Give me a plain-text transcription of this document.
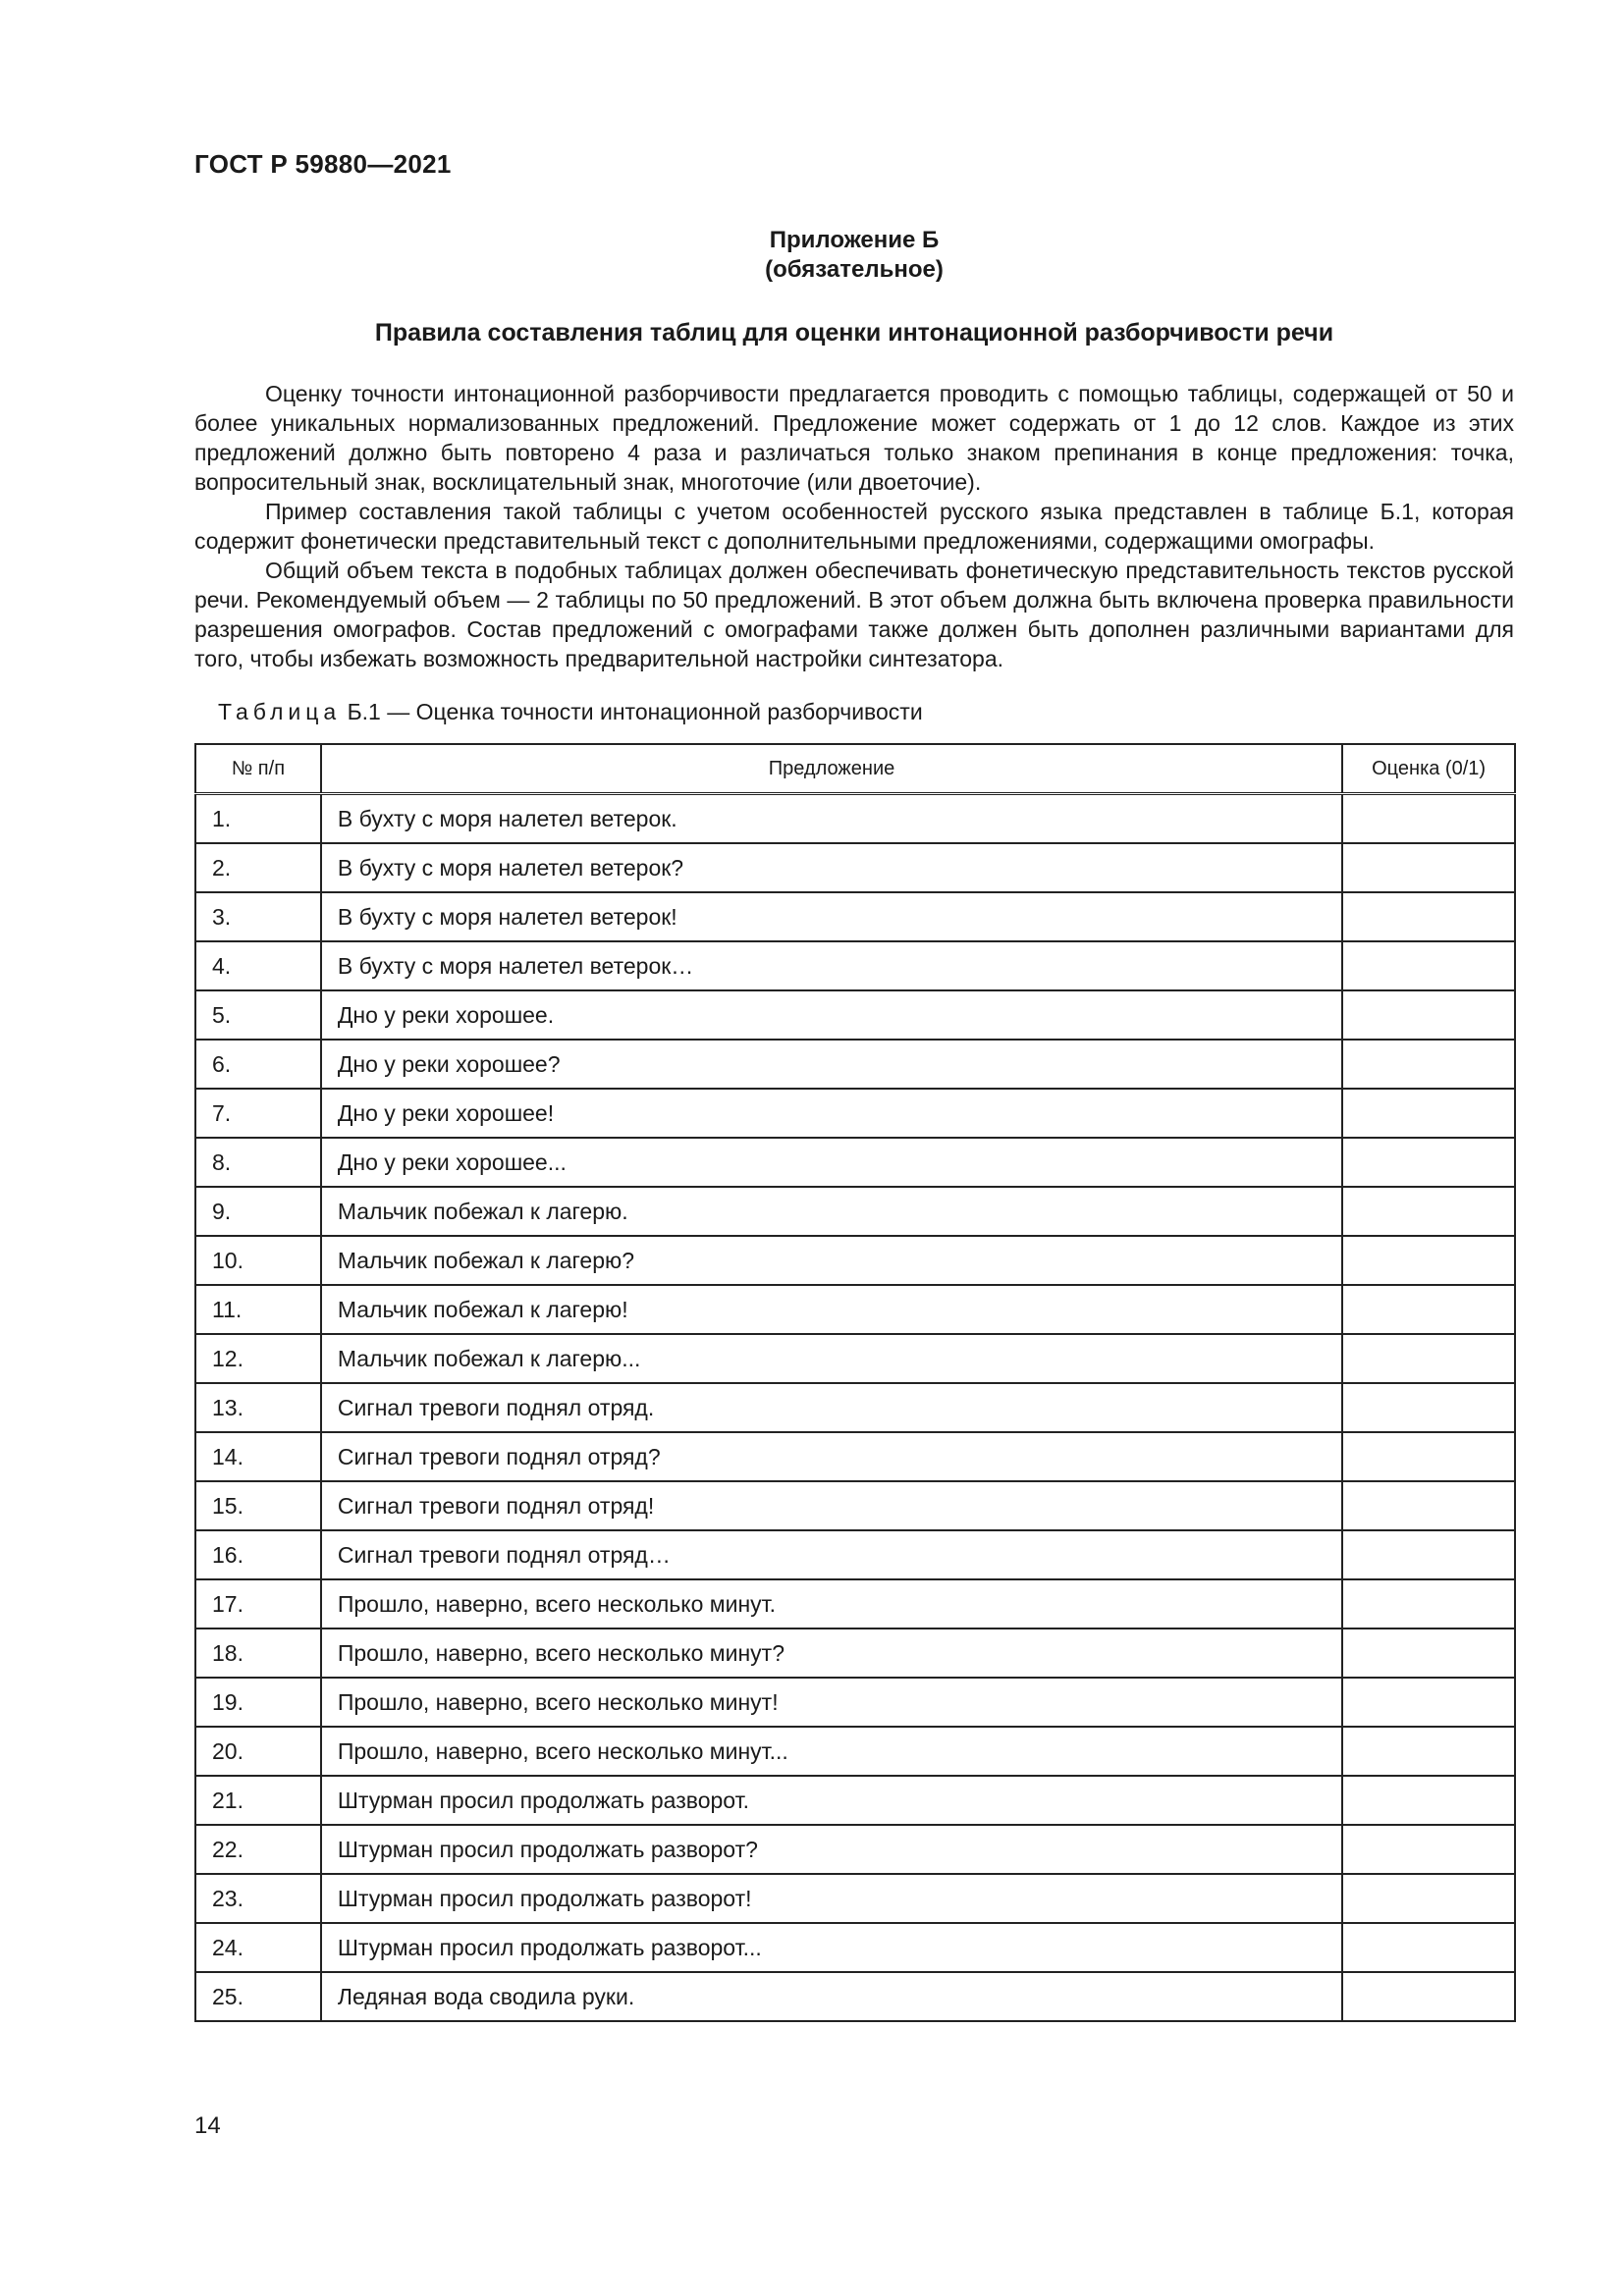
ГОСТ Р 59880—2021
Приложение Б
(обязательное)
Правила составления таблиц для оценки интонационной разборчивости речи

Оценку точности интонационной разборчивости предлагается проводить с помощью таблицы, содержащей от 50 и более уникальных нормализованных предложений. Предложение может содержать от 1 до 12 слов. Каждое из этих предложений должно быть повторено 4 раза и различаться только знаком препинания в конце предложения: точка, вопросительный знак, восклицательный знак, многоточие (или двоеточие).

Пример составления такой таблицы с учетом особенностей русского языка представлен в таблице Б.1, которая содержит фонетически представительный текст с дополнительными предложениями, содержащими омографы.

Общий объем текста в подобных таблицах должен обеспечивать фонетическую представительность текстов русской речи. Рекомендуемый объем — 2 таблицы по 50 предложений. В этот объем должна быть включена проверка правильности разрешения омографов. Состав предложений с омографами также должен быть дополнен различными вариантами для того, чтобы избежать возможность предварительной настройки синтезатора.

Таблица Б.1 — Оценка точности интонационной разборчивости
№ п/п	Предложение	Оценка (0/1)
1.	В бухту с моря налетел ветерок.	
2.	В бухту с моря налетел ветерок?	
3.	В бухту с моря налетел ветерок!	
4.	В бухту с моря налетел ветерок…	
5.	Дно у реки хорошее.	
6.	Дно у реки хорошее?	
7.	Дно у реки хорошее!	
8.	Дно у реки хорошее...	
9.	Мальчик побежал к лагерю.	
10.	Мальчик побежал к лагерю?	
11.	Мальчик побежал к лагерю!	
12.	Мальчик побежал к лагерю...	
13.	Сигнал тревоги поднял отряд.	
14.	Сигнал тревоги поднял отряд?	
15.	Сигнал тревоги поднял отряд!	
16.	Сигнал тревоги поднял отряд…	
17.	Прошло, наверно, всего несколько минут.	
18.	Прошло, наверно, всего несколько минут?	
19.	Прошло, наверно, всего несколько минут!	
20.	Прошло, наверно, всего несколько минут...	
21.	Штурман просил продолжать разворот.	
22.	Штурман просил продолжать разворот?	
23.	Штурман просил продолжать разворот!	
24.	Штурман просил продолжать разворот...	
25.	Ледяная вода сводила руки.	
14
